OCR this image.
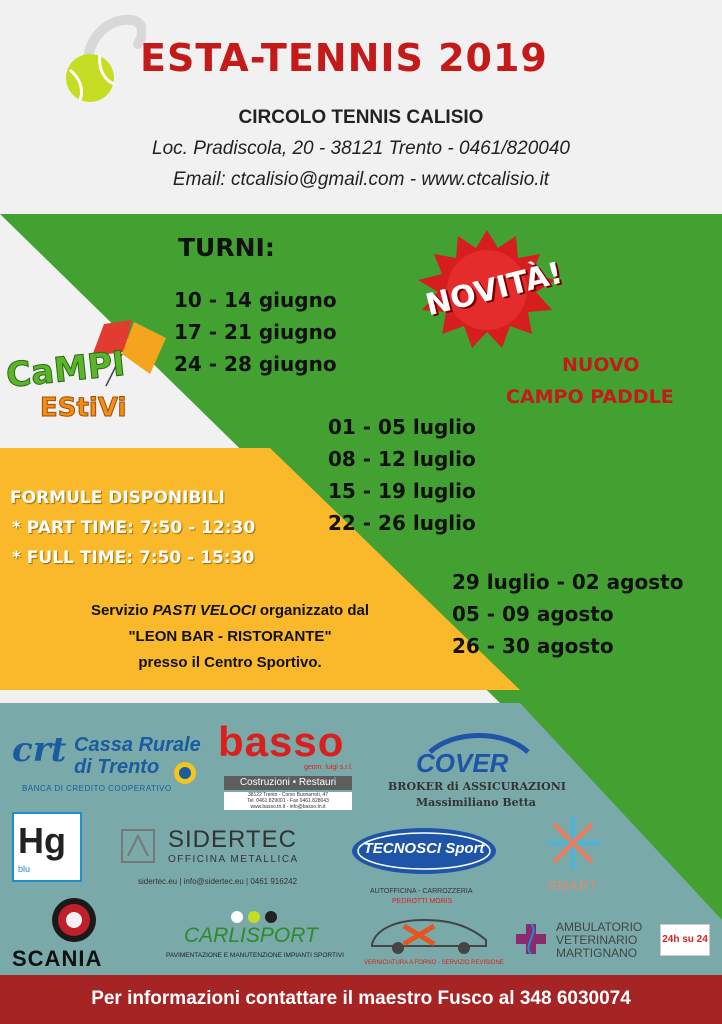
ESTA-TENNIS 2019
CIRCOLO TENNIS CALISIO
Loc. Pradiscola, 20 - 38121 Trento - 0461/820040
Email: ctcalisio@gmail.com - www.ctcalisio.it
TURNI:
10 - 14 giugno
17 - 21 giugno
24 - 28 giugno
01 - 05 luglio
08 - 12 luglio
15 - 19 luglio
22 - 26 luglio
29 luglio - 02 agosto
05 - 09 agosto
26 - 30 agosto
NOVITÀ!
NUOVO
CAMPO PADDLE
CaMPI
EStiVi
FORMULE DISPONIBILI
* PART TIME: 7:50 - 12:30
* FULL TIME: 7:50 - 15:30
Servizio PASTI VELOCI organizzato dal
"LEON BAR - RISTORANTE"
presso il Centro Sportivo.
crt Cassa Rurale
di Trento
BANCA DI CREDITO COOPERATIVO
basso
geom. luigi s.r.l.
Costruzioni • Restauri
38122 Trento - Corso Buonarroti, 47
Tel. 0461.829001 - Fax 0461.828043
www.basso.tn.it - info@basso.tn.it
COVER
BROKER di ASSICURAZIONI
Massimiliano Betta
Hg
blu
SIDERTEC
OFFICINA METALLICA
sidertec.eu | info@sidertec.eu | 0461 916242
TECNOSCI Sport
AUTOFFICINA - CARROZZERIA
PEDROTTI MORIS
SMART
SCANIA
CARLISPORT
PAVIMENTAZIONE E MANUTENZIONE IMPIANTI SPORTIVI
VERNICIATURA A FORNO - SERVIZIO REVISIONE
AMBULATORIO
VETERINARIO
MARTIGNANO
24h su 24
Per informazioni contattare il maestro Fusco al 348 6030074
